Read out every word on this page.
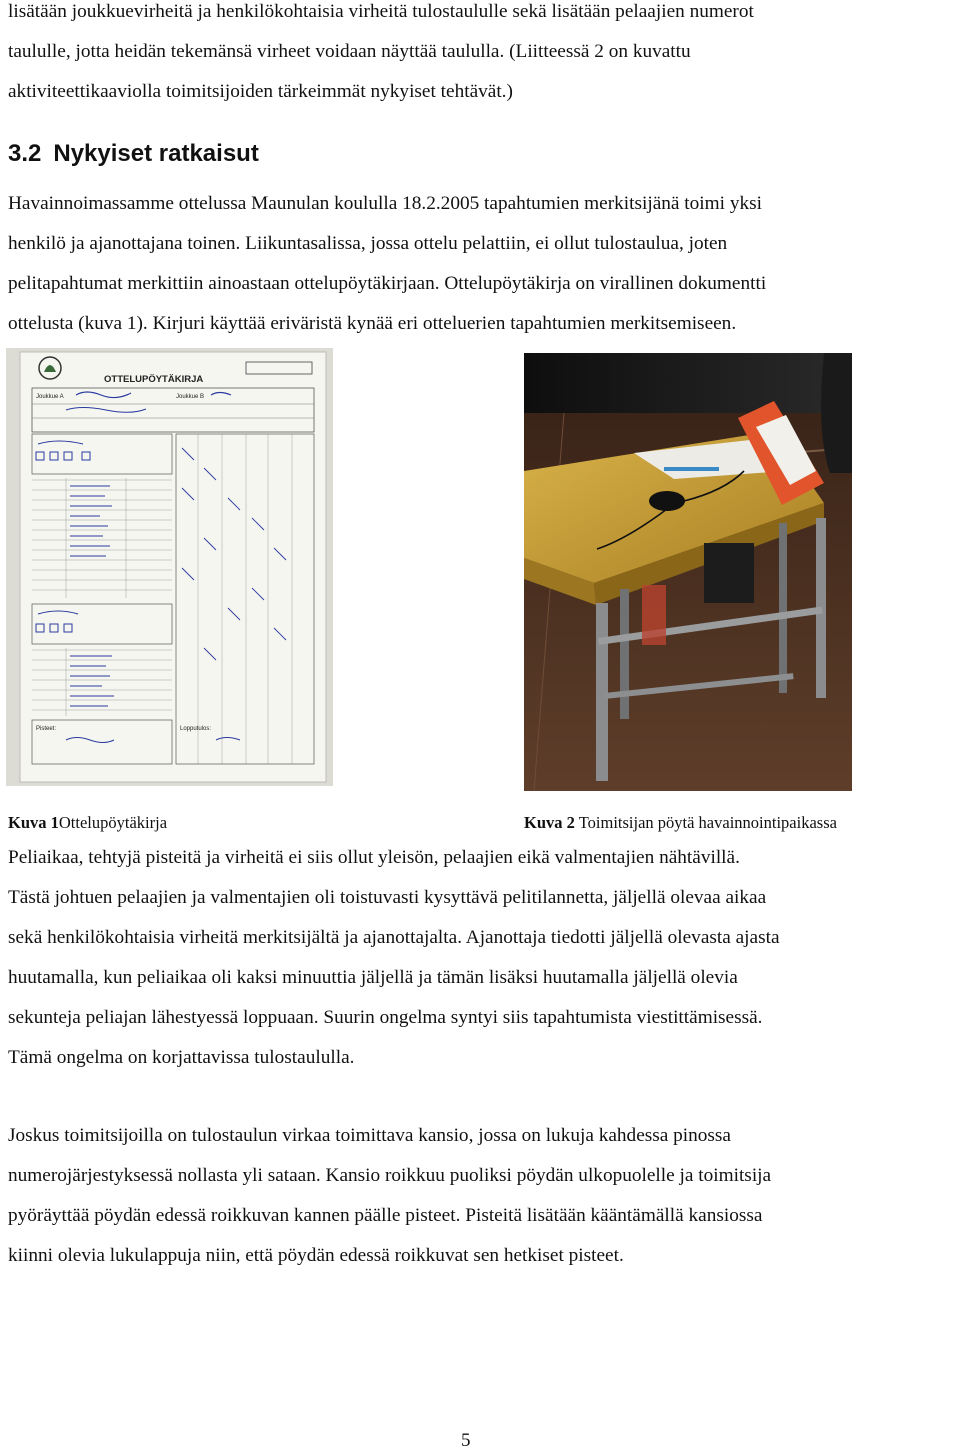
lisätään joukkuevirheitä ja henkilökohtaisia virheitä tulostaululle sekä lisätään pelaajien numerot
taululle, jotta heidän tekemänsä virheet voidaan näyttää taululla. (Liitteessä 2 on kuvattu
aktiviteettikaaviolla toimitsijoiden tärkeimmät nykyiset tehtävät.)

3.2 Nykyiset ratkaisut

Havainnoimassamme ottelussa Maunulan koululla 18.2.2005 tapahtumien merkitsijänä toimi yksi
henkilö ja ajanottajana toinen. Liikuntasalissa, jossa ottelu pelattiin, ei ollut tulostaulua, joten
pelitapahtumat merkittiin ainoastaan ottelupöytäkirjaan. Ottelupöytäkirja on virallinen dokumentti
ottelusta (kuva 1). Kirjuri käyttää eriväristä kynää eri otteluerien tapahtumien merkitsemiseen.

OTTELUPÖYTÄKIRJA
Joukkue A	Joukkue B
Pisteet:	Lopputulos:
Kuva 1Ottelupöytäkirja	Kuva 2 Toimitsijan pöytä havainnointipaikassa

Peliaikaa, tehtyjä pisteitä ja virheitä ei siis ollut yleisön, pelaajien eikä valmentajien nähtävillä.
Tästä johtuen pelaajien ja valmentajien oli toistuvasti kysyttävä pelitilannetta, jäljellä olevaa aikaa
sekä henkilökohtaisia virheitä merkitsijältä ja ajanottajalta. Ajanottaja tiedotti jäljellä olevasta ajasta
huutamalla, kun peliaikaa oli kaksi minuuttia jäljellä ja tämän lisäksi huutamalla jäljellä olevia
sekunteja peliajan lähestyessä loppuaan. Suurin ongelma syntyi siis tapahtumista viestittämisessä.
Tämä ongelma on korjattavissa tulostaululla.

Joskus toimitsijoilla on tulostaulun virkaa toimittava kansio, jossa on lukuja kahdessa pinossa
numerojärjestyksessä nollasta yli sataan. Kansio roikkuu puoliksi pöydän ulkopuolelle ja toimitsija
pyöräyttää pöydän edessä roikkuvan kannen päälle pisteet. Pisteitä lisätään kääntämällä kansiossa
kiinni olevia lukulappuja niin, että pöydän edessä roikkuvat sen hetkiset pisteet.

5
